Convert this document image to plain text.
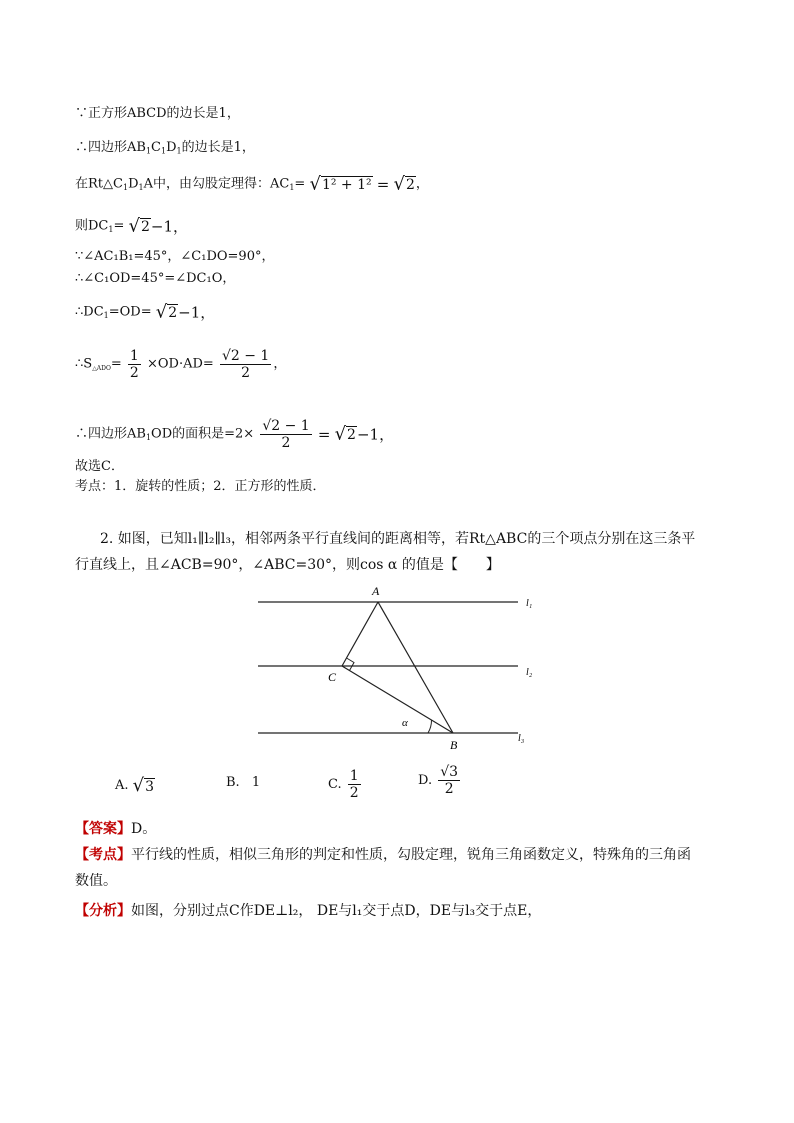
∵正方形ABCD的边长是1，
∴四边形$AB_1C_1D_1$的边长是1，
在$Rt\triangle C_1D_1A$中，由勾股定理得：$AC_1= √1^2 + 1^2 = √2$，
则$DC_1= √2-1$，
∵∠AC₁B₁=45°，∠C₁DO=90°，
∴∠C₁OD=45°=∠DC₁O，
$\therefore DC_1=OD= √2-1$，
$\therefore S_{\triangle ADO}= \frac{1}{2} \times OD\cdot AD= \frac{√2 - 1}{2}$ ，
∴四边形$AB_1OD$的面积是$=2\times \frac{√2 - 1}{2} = √2-1$，
故选C．
考点：1．旋转的性质；2．正方形的性质．
2. 如图，已知l₁∥l₂∥l₃，相邻两条平行直线间的距离相等，若Rt△ABC的三个项点分别在这三条平
行直线上，且∠ACB=90°，∠ABC=30°，则cos α 的值是【　　】
A
C
B
α
l₁
l₂
l₃
A. √3	B. 1	C. $\frac{1}{2}$	D. $\frac{√3}{2}$
【答案】D。
【考点】平行线的性质，相似三角形的判定和性质，勾股定理，锐角三角函数定义，特殊角的三角函
数值。
【分析】如图，分别过点C作DE⊥l₂， DE与l₁交于点D，DE与l₃交于点E，
